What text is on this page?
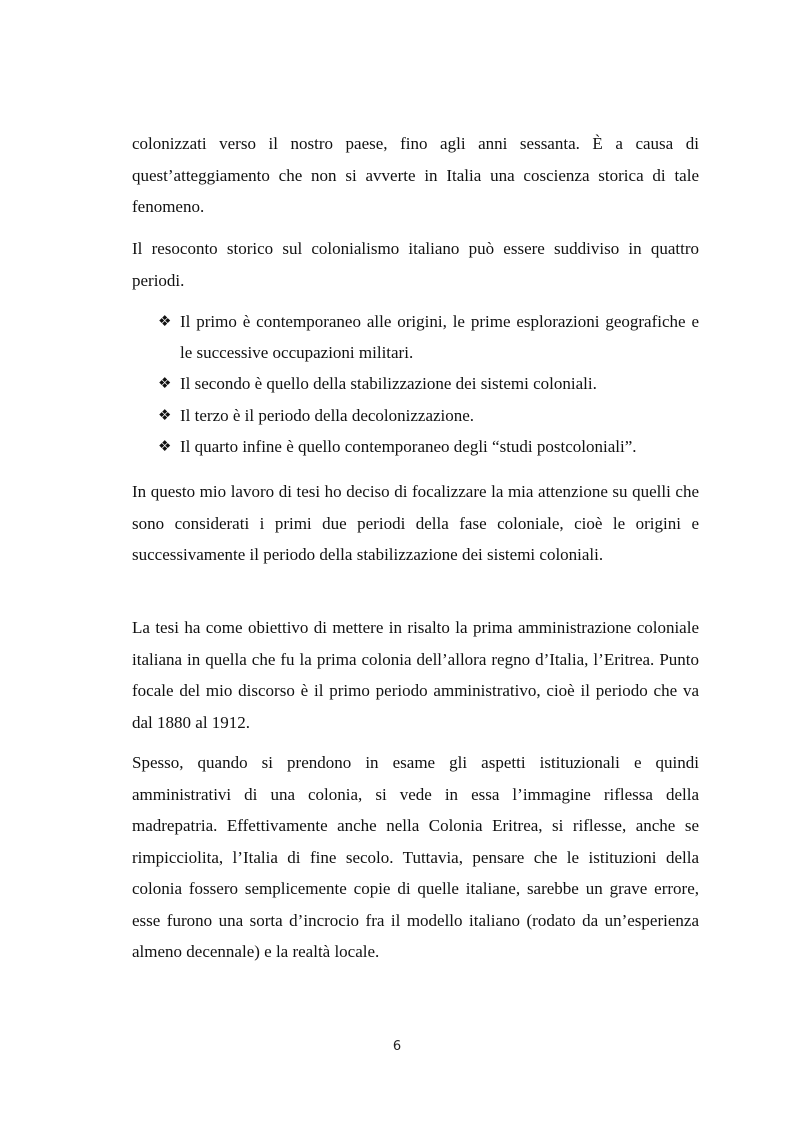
colonizzati verso il nostro paese, fino agli anni sessanta. È a causa di quest’atteggiamento che non si avverte in Italia una coscienza storica di tale fenomeno.

Il resoconto storico sul colonialismo italiano può essere suddiviso in quattro periodi.

❖ Il primo è contemporaneo alle origini, le prime esplorazioni geografiche e le successive occupazioni militari.
❖ Il secondo è quello della stabilizzazione dei sistemi coloniali.
❖ Il terzo è il periodo della decolonizzazione.
❖ Il quarto infine è quello contemporaneo degli “studi postcoloniali”.

In questo mio lavoro di tesi ho deciso di focalizzare la mia attenzione su quelli che sono considerati i primi due periodi della fase coloniale, cioè le origini e successivamente il periodo della stabilizzazione dei sistemi coloniali.

La tesi ha come obiettivo di mettere in risalto la prima amministrazione coloniale italiana in quella che fu la prima colonia dell’allora regno d’Italia, l’Eritrea. Punto focale del mio discorso è il primo periodo amministrativo, cioè il periodo che va dal 1880 al 1912.

Spesso, quando si prendono in esame gli aspetti istituzionali e quindi amministrativi di una colonia, si vede in essa l’immagine riflessa della madrepatria. Effettivamente anche nella Colonia Eritrea, si riflesse, anche se rimpicciolita, l’Italia di fine secolo. Tuttavia, pensare che le istituzioni della colonia fossero semplicemente copie di quelle italiane, sarebbe un grave errore, esse furono una sorta d’incrocio fra il modello italiano (rodato da un’esperienza almeno decennale) e la realtà locale.

6
